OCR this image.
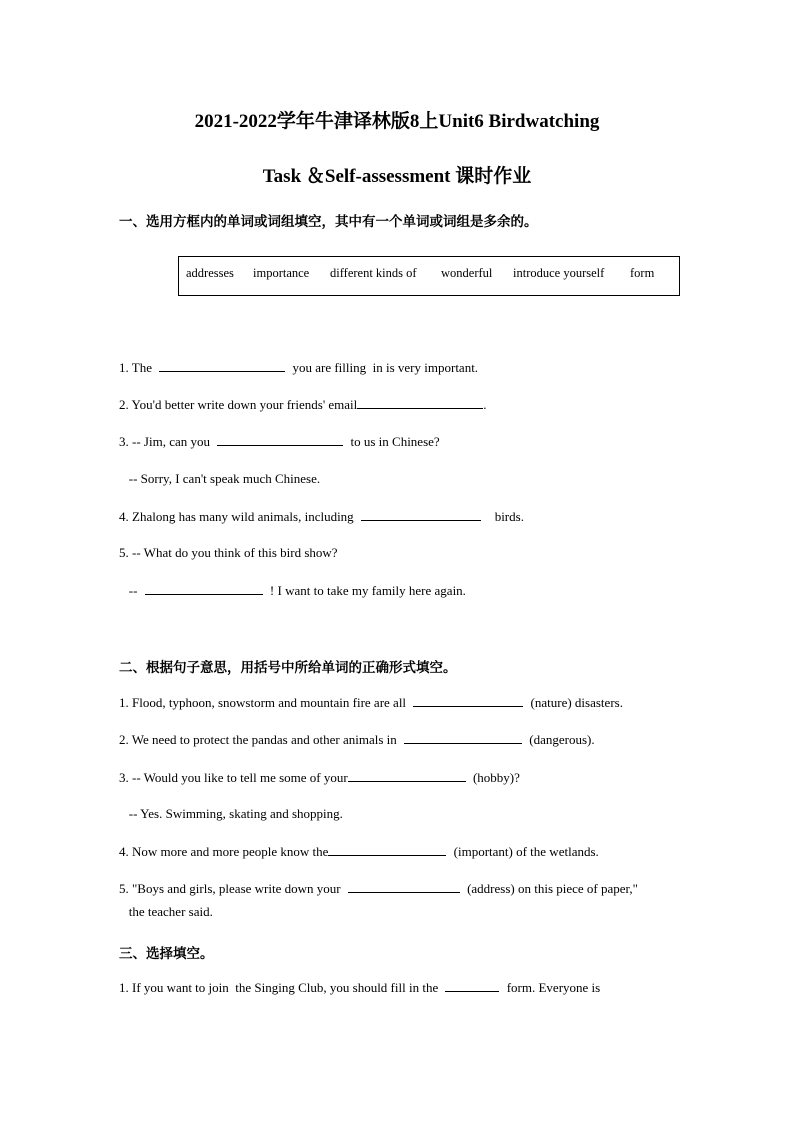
2021-2022学年牛津译林版8上Unit6 Birdwatching
Task ＆Self-assessment 课时作业
一、选用方框内的单词或词组填空，其中有一个单词或词组是多余的。
addresses importance different kinds of wonderful introduce yourself form
1. The	you are filling  in is very important.
2. You'd better write down your friends' email	.
3. -- Jim, can you	to us in Chinese?
-- Sorry, I can't speak much Chinese.
4. Zhalong has many wild animals, including	birds.
5. -- What do you think of this bird show?
--	! I want to take my family here again.
二、根据句子意思，用括号中所给单词的正确形式填空。
1. Flood, typhoon, snowstorm and mountain fire are all	(nature) disasters.
2. We need to protect the pandas and other animals in	(dangerous).
3. -- Would you like to tell me some of your	(hobby)?
-- Yes. Swimming, skating and shopping.
4. Now more and more people know the	(important) of the wetlands.
5. "Boys and girls, please write down your	(address) on this piece of paper,"
the teacher said.
三、选择填空。
1. If you want to join  the Singing Club, you should fill in the	form. Everyone is
